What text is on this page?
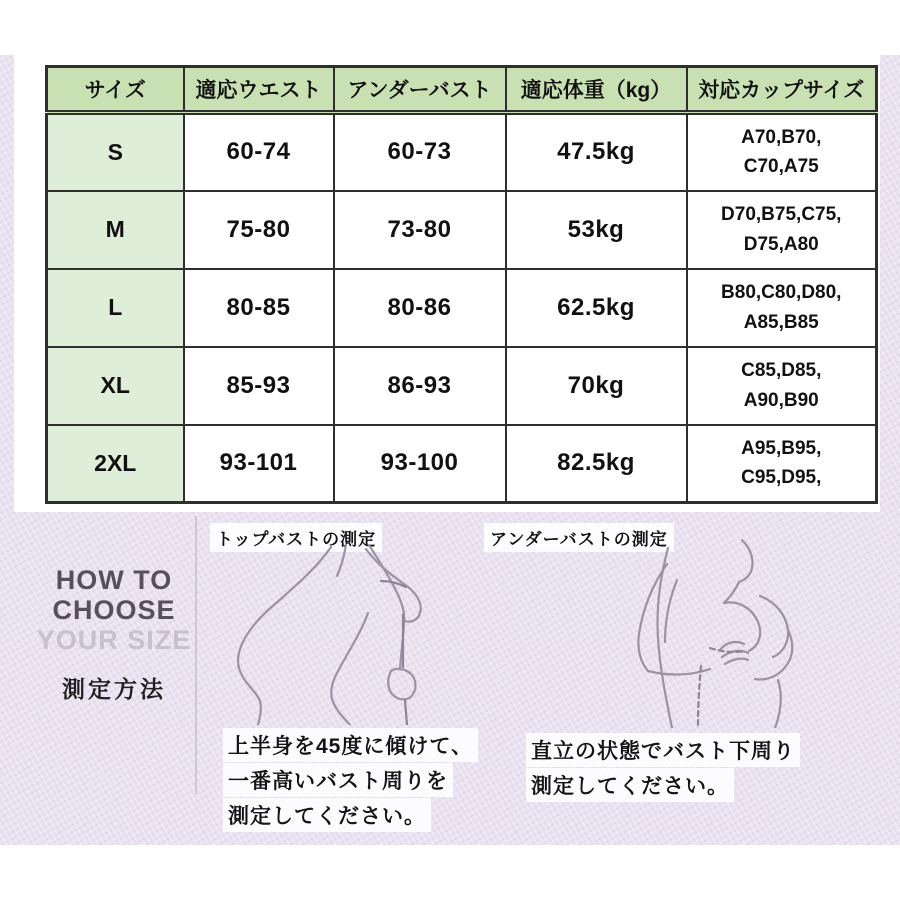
サイズ	適応ウエスト	アンダーバスト	適応体重（kg）	対応カップサイズ
S	60-74	60-73	47.5kg	A70,B70,
C70,A75

M	75-80	73-80	53kg	D70,B75,C75,
D75,A80

L	80-85	80-86	62.5kg	B80,C80,D80,
A85,B85

XL	85-93	86-93	70kg	C85,D85,
A90,B90

2XL	93-101	93-100	82.5kg	A95,B95,
C95,D95,
HOW TO
CHOOSE
YOUR SIZE
測定方法
トップバストの測定	アンダーバストの測定
上半身を45度に傾けて、
一番高いバスト周りを
測定してください。
直立の状態でバスト下周り
測定してください。
